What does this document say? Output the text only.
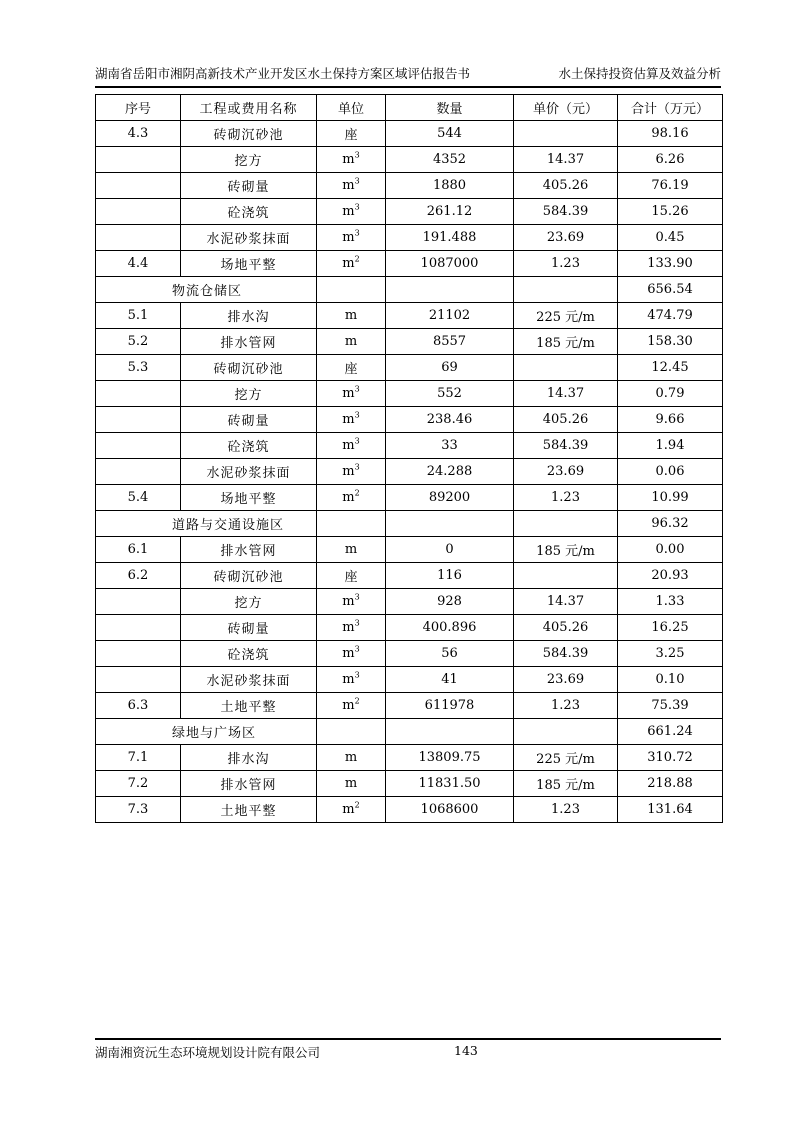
湖南省岳阳市湘阴高新技术产业开发区水土保持方案区域评估报告书	水土保持投资估算及效益分析
序号	工程或费用名称	单位	数量	单价（元）	合计（万元）
4.3	砖砌沉砂池	座	544		98.16
	挖方	$m^3$	4352	14.37	6.26
	砖砌量	$m^3$	1880	405.26	76.19
	砼浇筑	$m^3$	261.12	584.39	15.26
	水泥砂浆抹面	$m^3$	191.488	23.69	0.45
4.4	场地平整	$m^2$	1087000	1.23	133.90
物流仓储区					656.54
5.1	排水沟	m	21102	225 元/m	474.79
5.2	排水管网	m	8557	185 元/m	158.30
5.3	砖砌沉砂池	座	69		12.45
	挖方	$m^3$	552	14.37	0.79
	砖砌量	$m^3$	238.46	405.26	9.66
	砼浇筑	$m^3$	33	584.39	1.94
	水泥砂浆抹面	$m^3$	24.288	23.69	0.06
5.4	场地平整	$m^2$	89200	1.23	10.99
道路与交通设施区					96.32
6.1	排水管网	m	0	185 元/m	0.00
6.2	砖砌沉砂池	座	116		20.93
	挖方	$m^3$	928	14.37	1.33
	砖砌量	$m^3$	400.896	405.26	16.25
	砼浇筑	$m^3$	56	584.39	3.25
	水泥砂浆抹面	$m^3$	41	23.69	0.10
6.3	土地平整	$m^2$	611978	1.23	75.39
绿地与广场区					661.24
7.1	排水沟	m	13809.75	225 元/m	310.72
7.2	排水管网	m	11831.50	185 元/m	218.88
7.3	土地平整	$m^2$	1068600	1.23	131.64
湖南湘资沅生态环境规划设计院有限公司	143
